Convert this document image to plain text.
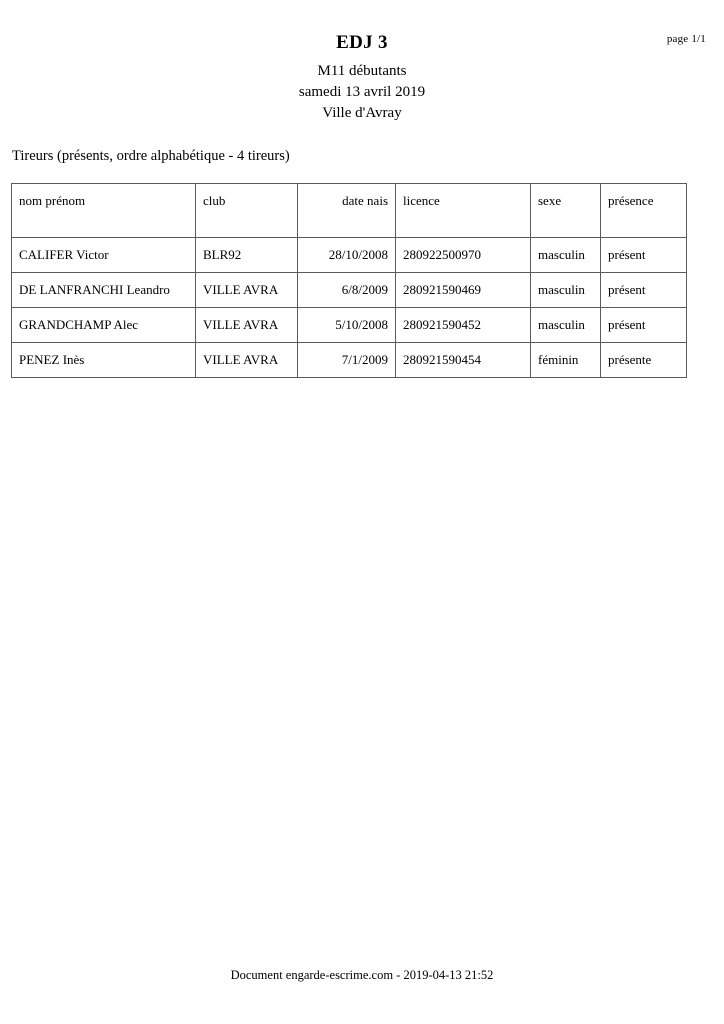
page 1/1
EDJ 3
M11 débutants
samedi 13 avril 2019
Ville d'Avray
Tireurs (présents, ordre alphabétique - 4 tireurs)
nom prénom	club	date nais	licence	sexe	présence
CALIFER Victor	BLR92	28/10/2008	280922500970	masculin	présent
DE LANFRANCHI Leandro	VILLE AVRA	6/8/2009	280921590469	masculin	présent
GRANDCHAMP Alec	VILLE AVRA	5/10/2008	280921590452	masculin	présent
PENEZ Inès	VILLE AVRA	7/1/2009	280921590454	féminin	présente
Document engarde-escrime.com - 2019-04-13 21:52
